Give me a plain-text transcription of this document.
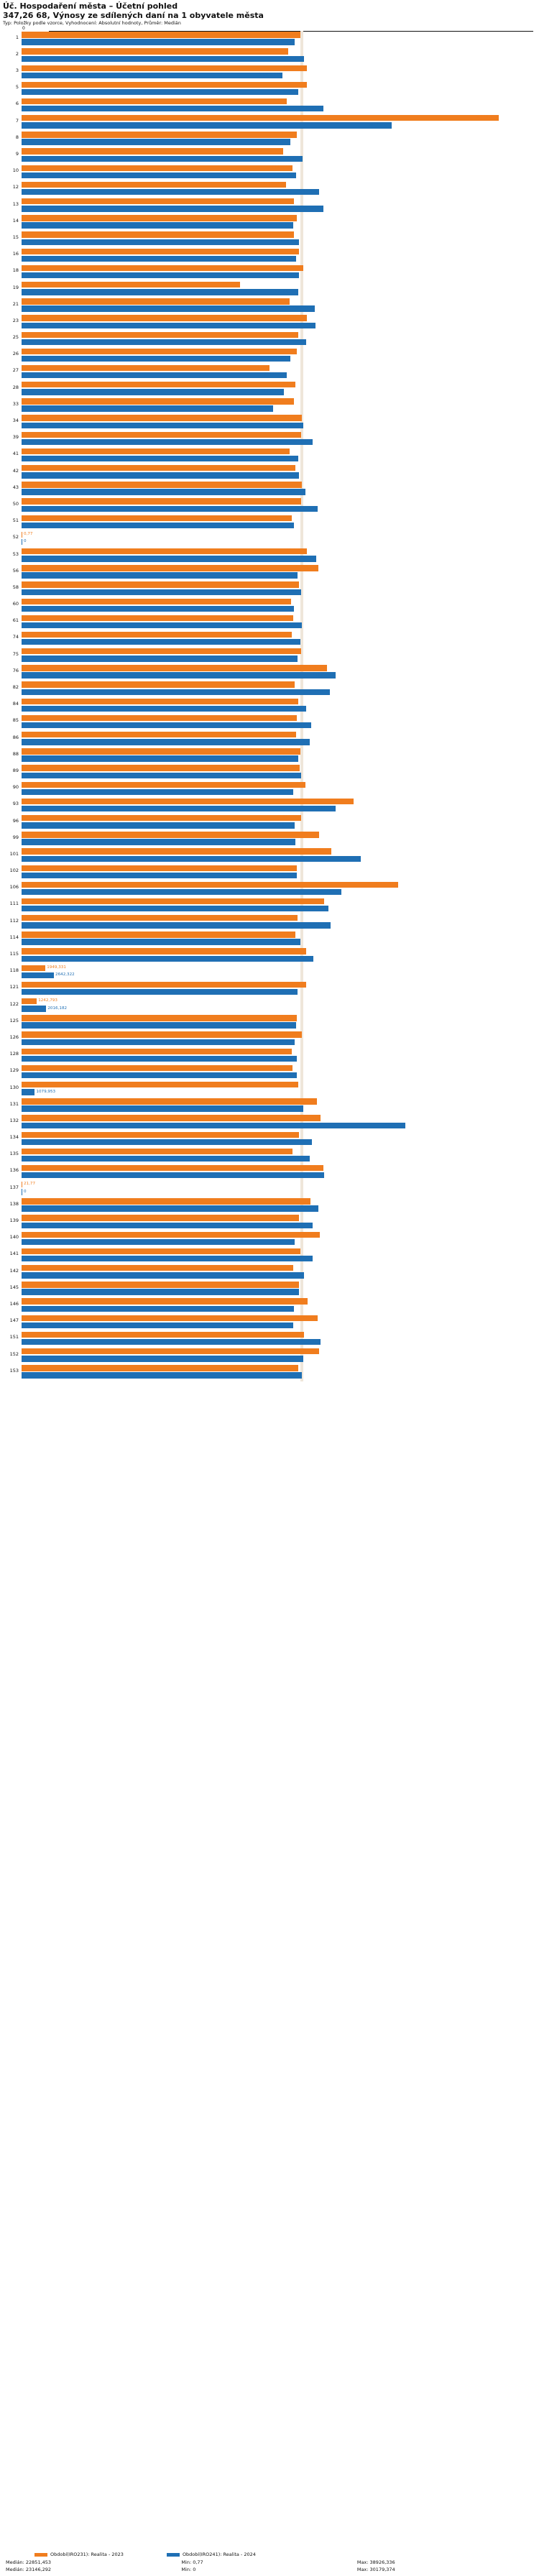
Úč. Hospodaření města – Účetní pohled
347,26 68, Výnosy ze sdílených daní na 1 obyvatele města
Typ: Položky podle vzorce, Vyhodnocení: Absolutní hodnoty, Průměr: Medián
0
1
22761,768
22296,694
2
21786,742
23045,074
3
23257,568
21300,976
5
23312,462
22562,078
6
21665,698
24644,535
7
38926,336
30179,374
8
22461,367
21907,141
9
21377,979
22912,328
10
22085,06
22414,357
12
21596,753
24280,608
13
22253,467
24630,605
14
22464,757
22178,854
15
22211,054
22611,026
16
22665,542
22391,601
18
23005,132
22665,842
19
17855,113
22586,222
21
21852,425
23903,828
23
23311,724
23972,402
25
22606,105
23229,862
26
22458,359
21937,994
27
20216,784
21666,953
28
22346,044
21421,955
33
22236,359
20509,384
34
22891,501
22992,479
39
22786,543
23775,445
41
21867,369
22579,619
42
22325,98
22627,968
43
22891,257
23189,317
50
22815,095
24145,675
51
22073,603
22246,698
52
0,77
0
53
23271,407
24069,107
56
24234,255
22506,6
58
22668,567
22807,188
60
22008,295
22222,135
61
22140,839
22891,544
74
22056,304
22746,768
75
22831,453
22511,414
76
24929,732
25634,519
82
22301,458
25146,316
84
22566,674
23251,102
85
22459,392
23646,318
86
22399,603
23490,291
88
22734,349
22581,536
89
22690,366
22786,829
90
23164,216
22194,292
93
27112,767
25630,519
96
22804,293
22286,242
99
24286,02
22317,057
101
25256,817
27692,246
102
22451,903
22464,509
106
30712,928
26120,201
111
24663,793
25032,969
112
22536,996
25241,705
114
22366,884
22746,118
115
23235,873
23818,313
118
1949,331
2642,322
121
23223,534
22507,836
122
1242,793
2016,182
125
22439,032
22422,4
126
22856,455
22281,072
128
22041,827
22451,094
129
22091,222
22459,261
130
22605,08
1079,953
131
24102,319
22965,438
132
24416,819
31305,074
134
22659,55
23699,255
135
22091,34
23505,234
136
24615,862
24667,443
137
21,77
0
138
23603,989
24209,08
139
22641,887
23774,288
140
24358,077
22274,762
141
22765,444
23765,044
142
22173,692
23023,2
145
22631,959
22634,139
146
23317,4
22224,955
147
24155,336
22142,44
151
23065,425
24417,387
152
24302,321
22990,11
153
22560
22880
Období(IRO231): Realita - 2023	Období(IRO241): Realita - 2024
Medián: 22851,453
Medián: 23146,292
Min: 0,77
Min: 0
Max: 38926,336
Max: 30179,374
